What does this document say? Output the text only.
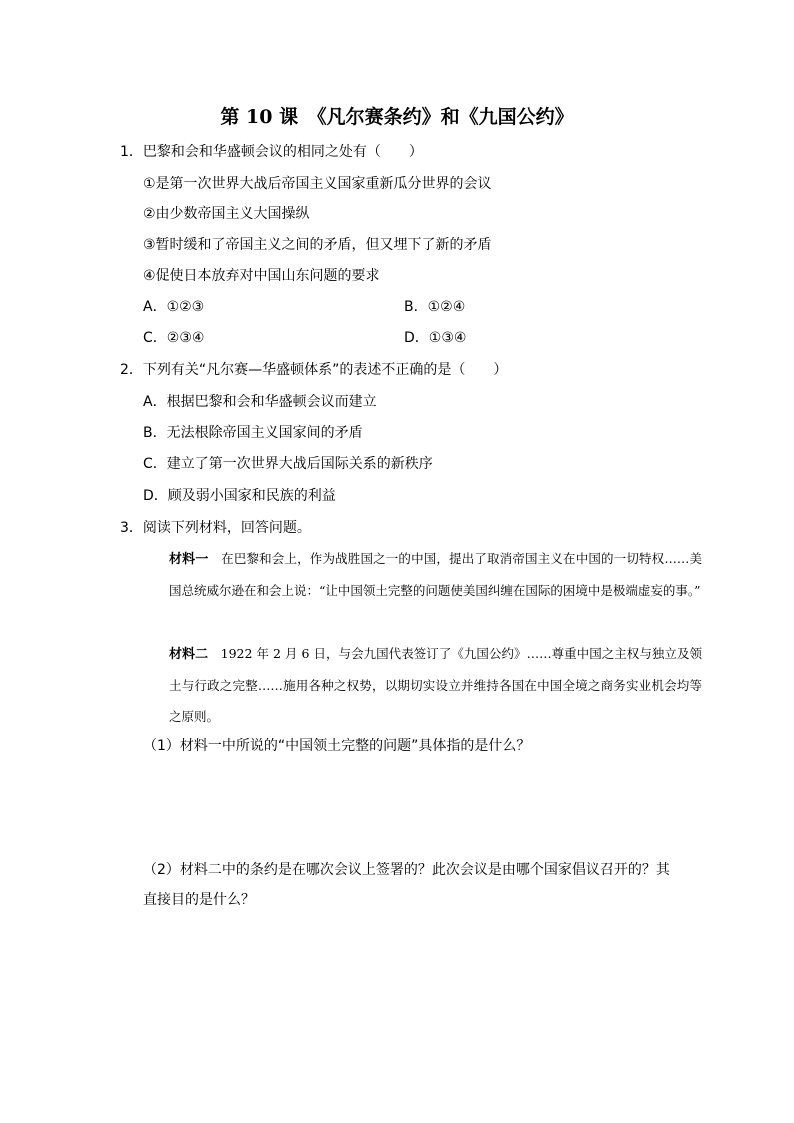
第 10 课　《凡尔赛条约》和《九国公约》
1．巴黎和会和华盛顿会议的相同之处有（　　）
①是第一次世界大战后帝国主义国家重新瓜分世界的会议
②由少数帝国主义大国操纵
③暂时缓和了帝国主义之间的矛盾，但又埋下了新的矛盾
④促使日本放弃对中国山东问题的要求
A．①②③	B．①②④
C．②③④	D．①③④
2．下列有关“凡尔赛—华盛顿体系”的表述不正确的是（　　）
A．根据巴黎和会和华盛顿会议而建立
B．无法根除帝国主义国家间的矛盾
C．建立了第一次世界大战后国际关系的新秩序
D．顾及弱小国家和民族的利益
3．阅读下列材料，回答问题。
材料一　在巴黎和会上，作为战胜国之一的中国，提出了取消帝国主义在中国的一切特权……美国总统威尔逊在和会上说：“让中国领土完整的问题使美国纠缠在国际的困境中是极端虚妄的事。”
材料二　1922 年 2 月 6 日，与会九国代表签订了《九国公约》……尊重中国之主权与独立及领土与行政之完整……施用各种之权势，以期切实设立并维持各国在中国全境之商务实业机会均等之原则。
（1）材料一中所说的“中国领土完整的问题”具体指的是什么？
（2）材料二中的条约是在哪次会议上签署的？此次会议是由哪个国家倡议召开的？其直接目的是什么？
